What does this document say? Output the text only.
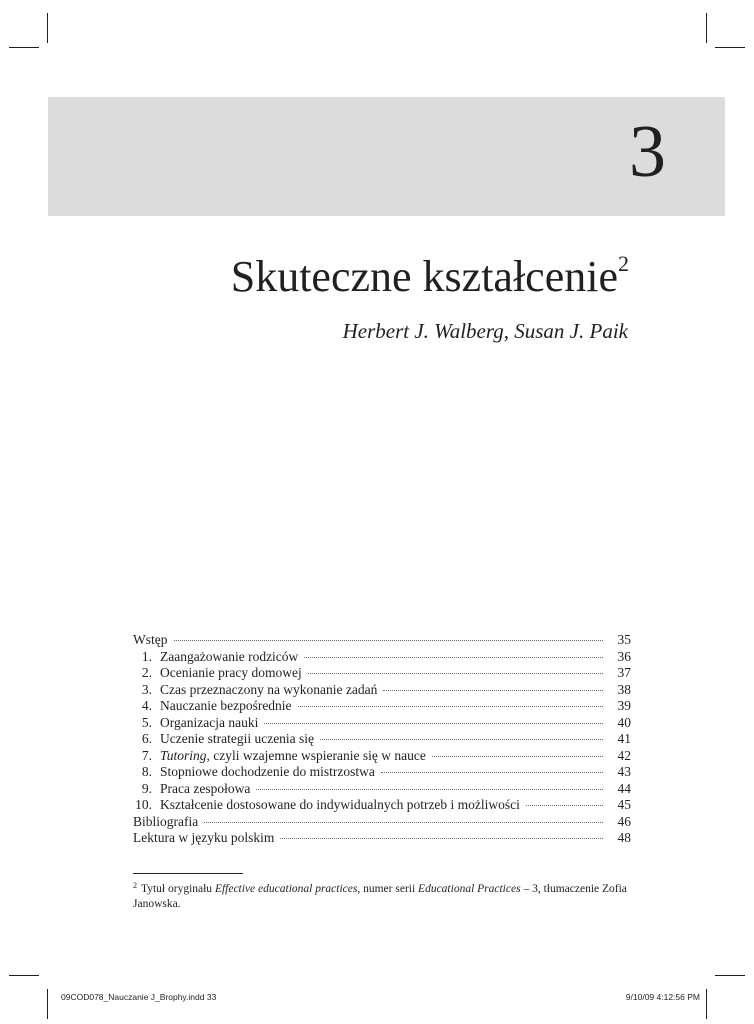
3
Skuteczne kształcenie$^2$
Herbert J. Walberg, Susan J. Paik
Wstęp	35
1. Zaangażowanie rodziców	36
2. Ocenianie pracy domowej	37
3. Czas przeznaczony na wykonanie zadań	38
4. Nauczanie bezpośrednie	39
5. Organizacja nauki	40
6. Uczenie strategii uczenia się	41
7. Tutoring, czyli wzajemne wspieranie się w nauce	42
8. Stopniowe dochodzenie do mistrzostwa	43
9. Praca zespołowa	44
10. Kształcenie dostosowane do indywidualnych potrzeb i możliwości	45
Bibliografia	46
Lektura w języku polskim	48
$^2$ Tytuł oryginału Effective educational practices, numer serii Educational Practices – 3, tłumaczenie Zofia Janowska.
09COD078_Nauczanie J_Brophy.indd 33	9/10/09 4:12:56 PM
